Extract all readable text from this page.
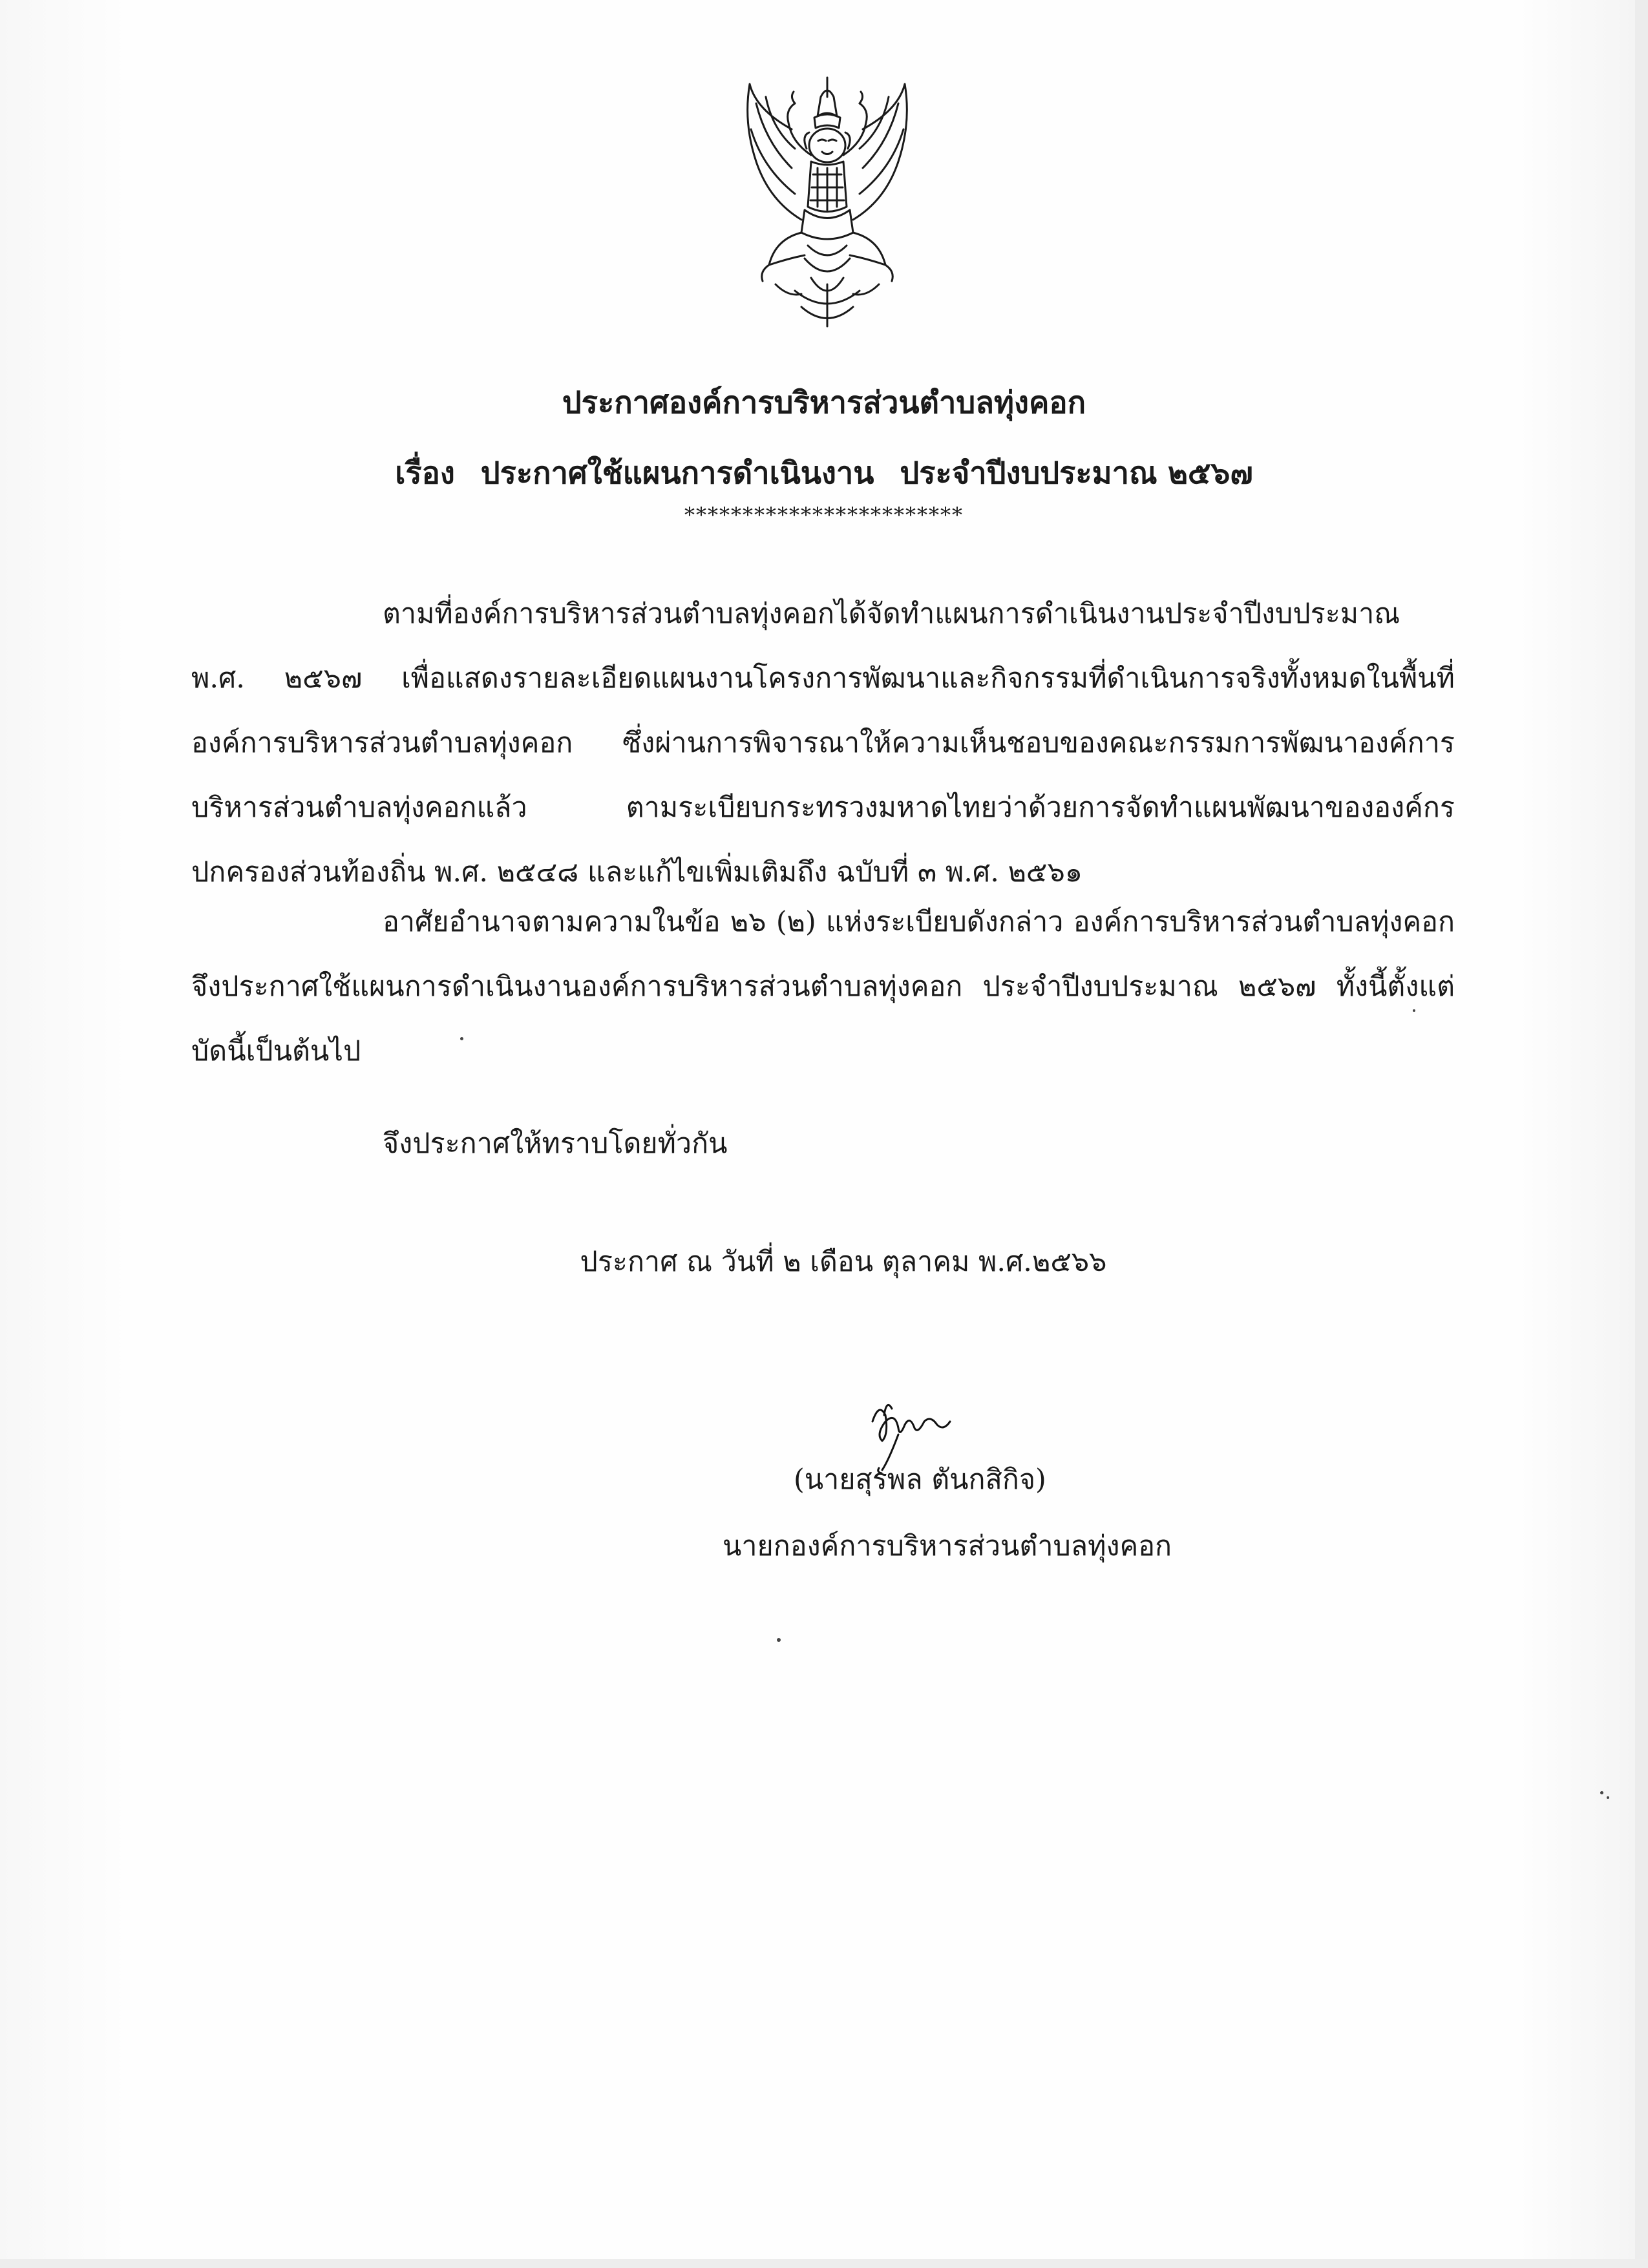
ประกาศองค์การบริหารส่วนตำบลทุ่งคอก
เรื่อง ประกาศใช้แผนการดำเนินงาน ประจำปีงบประมาณ ๒๕๖๗
************************

ตามที่องค์การบริหารส่วนตำบลทุ่งคอกได้จัดทำแผนการดำเนินงานประจำปีงบประมาณ พ.ศ. ๒๕๖๗ เพื่อแสดงรายละเอียดแผนงานโครงการพัฒนาและกิจกรรมที่ดำเนินการจริงทั้งหมดในพื้นที่องค์การบริหารส่วนตำบลทุ่งคอก ซึ่งผ่านการพิจารณาให้ความเห็นชอบของคณะกรรมการพัฒนาองค์การบริหารส่วนตำบลทุ่งคอกแล้ว ตามระเบียบกระทรวงมหาดไทยว่าด้วยการจัดทำแผนพัฒนาขององค์กรปกครองส่วนท้องถิ่น พ.ศ. ๒๕๔๘ และแก้ไขเพิ่มเติมถึง ฉบับที่ ๓ พ.ศ. ๒๕๖๑

อาศัยอำนาจตามความในข้อ ๒๖ (๒) แห่งระเบียบดังกล่าว องค์การบริหารส่วนตำบลทุ่งคอก จึงประกาศใช้แผนการดำเนินงานองค์การบริหารส่วนตำบลทุ่งคอก ประจำปีงบประมาณ ๒๕๖๗ ทั้งนี้ตั้งแต่บัดนี้เป็นต้นไป

จึงประกาศให้ทราบโดยทั่วกัน
ประกาศ ณ วันที่ ๒ เดือน ตุลาคม พ.ศ.๒๕๖๖
(นายสุรพล ตันกสิกิจ)
นายกองค์การบริหารส่วนตำบลทุ่งคอก
